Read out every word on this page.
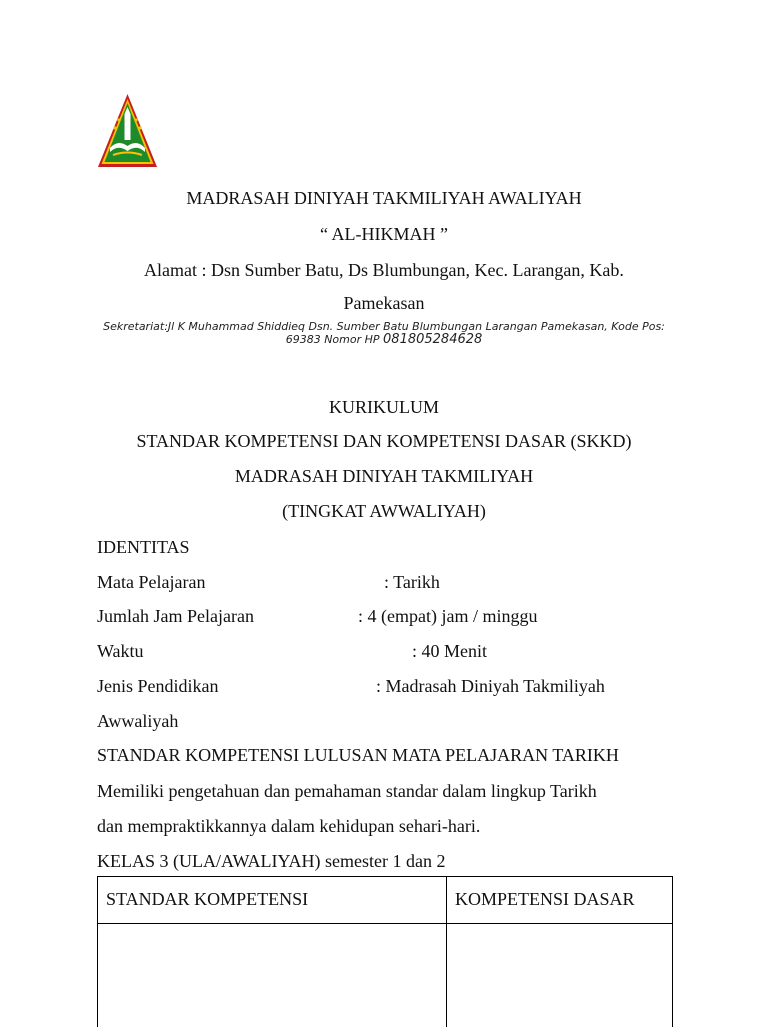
MADRASAH DINIYAH TAKMILIYAH AWALIYAH
“ AL-HIKMAH ”
Alamat : Dsn Sumber Batu, Ds Blumbungan, Kec. Larangan, Kab.
Pamekasan
Sekretariat:Jl K Muhammad Shiddieq Dsn. Sumber Batu Blumbungan Larangan Pamekasan, Kode Pos:
69383 Nomor HP 081805284628
KURIKULUM
STANDAR KOMPETENSI DAN KOMPETENSI DASAR (SKKD)
MADRASAH DINIYAH TAKMILIYAH
(TINGKAT AWWALIYAH)
IDENTITAS
Mata Pelajaran	: Tarikh
Jumlah Jam Pelajaran	: 4 (empat) jam / minggu
Waktu	: 40 Menit
Jenis Pendidikan	: Madrasah Diniyah Takmiliyah
Awwaliyah
STANDAR KOMPETENSI LULUSAN MATA PELAJARAN TARIKH
Memiliki pengetahuan dan pemahaman standar dalam lingkup Tarikh
dan mempraktikkannya dalam kehidupan sehari-hari.
KELAS 3 (ULA/AWALIYAH) semester 1 dan 2
STANDAR KOMPETENSI	KOMPETENSI DASAR
